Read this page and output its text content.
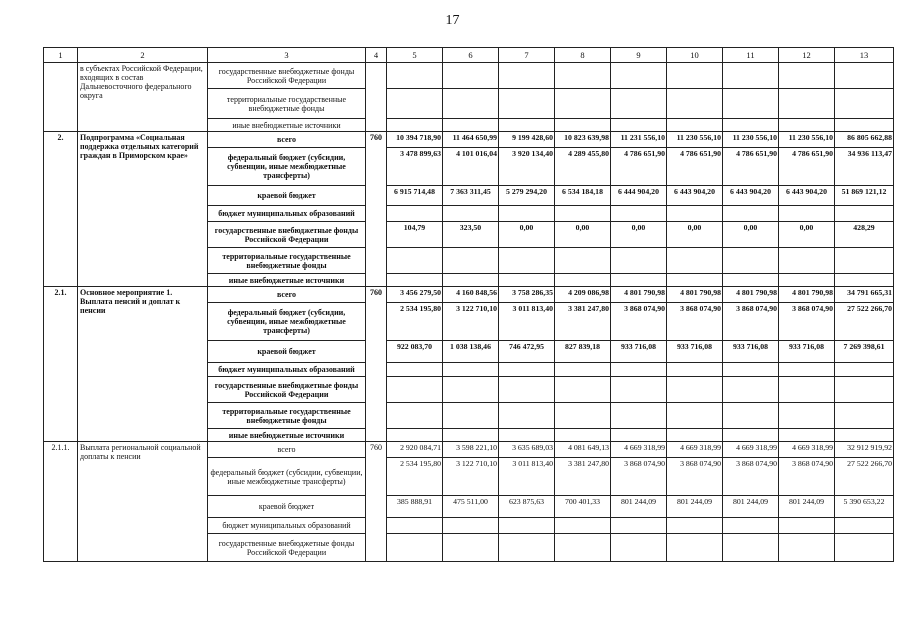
17
1	2	3	4	5	6	7	8	9	10	11	12	13
	в субъектах Российской Федерации, входящих в состав Дальневосточного федерального округа	государственные внебюджетные фонды Российской Федерации										
		территориальные государственные внебюджетные фонды										
		иные внебюджетные источники										
2.	Подпрограмма «Социальная поддержка отдельных категорий граждан в Приморском крае»	всего	760	10 394 718,90	11 464 650,99	9 199 428,60	10 823 639,98	11 231 556,10	11 230 556,10	11 230 556,10	11 230 556,10	86 805 662,88
		федеральный бюджет (субсидии, субвенции, иные межбюджетные трансферты)		3 478 899,63	4 101 016,04	3 920 134,40	4 289 455,80	4 786 651,90	4 786 651,90	4 786 651,90	4 786 651,90	34 936 113,47
		краевой бюджет		6 915 714,48	7 363 311,45	5 279 294,20	6 534 184,18	6 444 904,20	6 443 904,20	6 443 904,20	6 443 904,20	51 869 121,12
		бюджет муниципальных образований										
		государственные внебюджетные фонды Российской Федерации		104,79	323,50	0,00	0,00	0,00	0,00	0,00	0,00	428,29
		территориальные государственные внебюджетные фонды										
		иные внебюджетные источники										
2.1.	Основное мероприятие 1. Выплата пенсий и доплат к пенсии	всего	760	3 456 279,50	4 160 848,56	3 758 286,35	4 209 086,98	4 801 790,98	4 801 790,98	4 801 790,98	4 801 790,98	34 791 665,31
		федеральный бюджет (субсидии, субвенции, иные межбюджетные трансферты)		2 534 195,80	3 122 710,10	3 011 813,40	3 381 247,80	3 868 074,90	3 868 074,90	3 868 074,90	3 868 074,90	27 522 266,70
		краевой бюджет		922 083,70	1 038 138,46	746 472,95	827 839,18	933 716,08	933 716,08	933 716,08	933 716,08	7 269 398,61
		бюджет муниципальных образований										
		государственные внебюджетные фонды Российской Федерации										
		территориальные государственные внебюджетные фонды										
		иные внебюджетные источники										
2.1.1.	Выплата региональной социальной доплаты к пенсии	всего	760	2 920 084,71	3 598 221,10	3 635 689,03	4 081 649,13	4 669 318,99	4 669 318,99	4 669 318,99	4 669 318,99	32 912 919,92
		федеральный бюджет (субсидии, субвенции, иные межбюджетные трансферты)		2 534 195,80	3 122 710,10	3 011 813,40	3 381 247,80	3 868 074,90	3 868 074,90	3 868 074,90	3 868 074,90	27 522 266,70
		краевой бюджет		385 888,91	475 511,00	623 875,63	700 401,33	801 244,09	801 244,09	801 244,09	801 244,09	5 390 653,22
		бюджет муниципальных образований										
		государственные внебюджетные фонды Российской Федерации										
